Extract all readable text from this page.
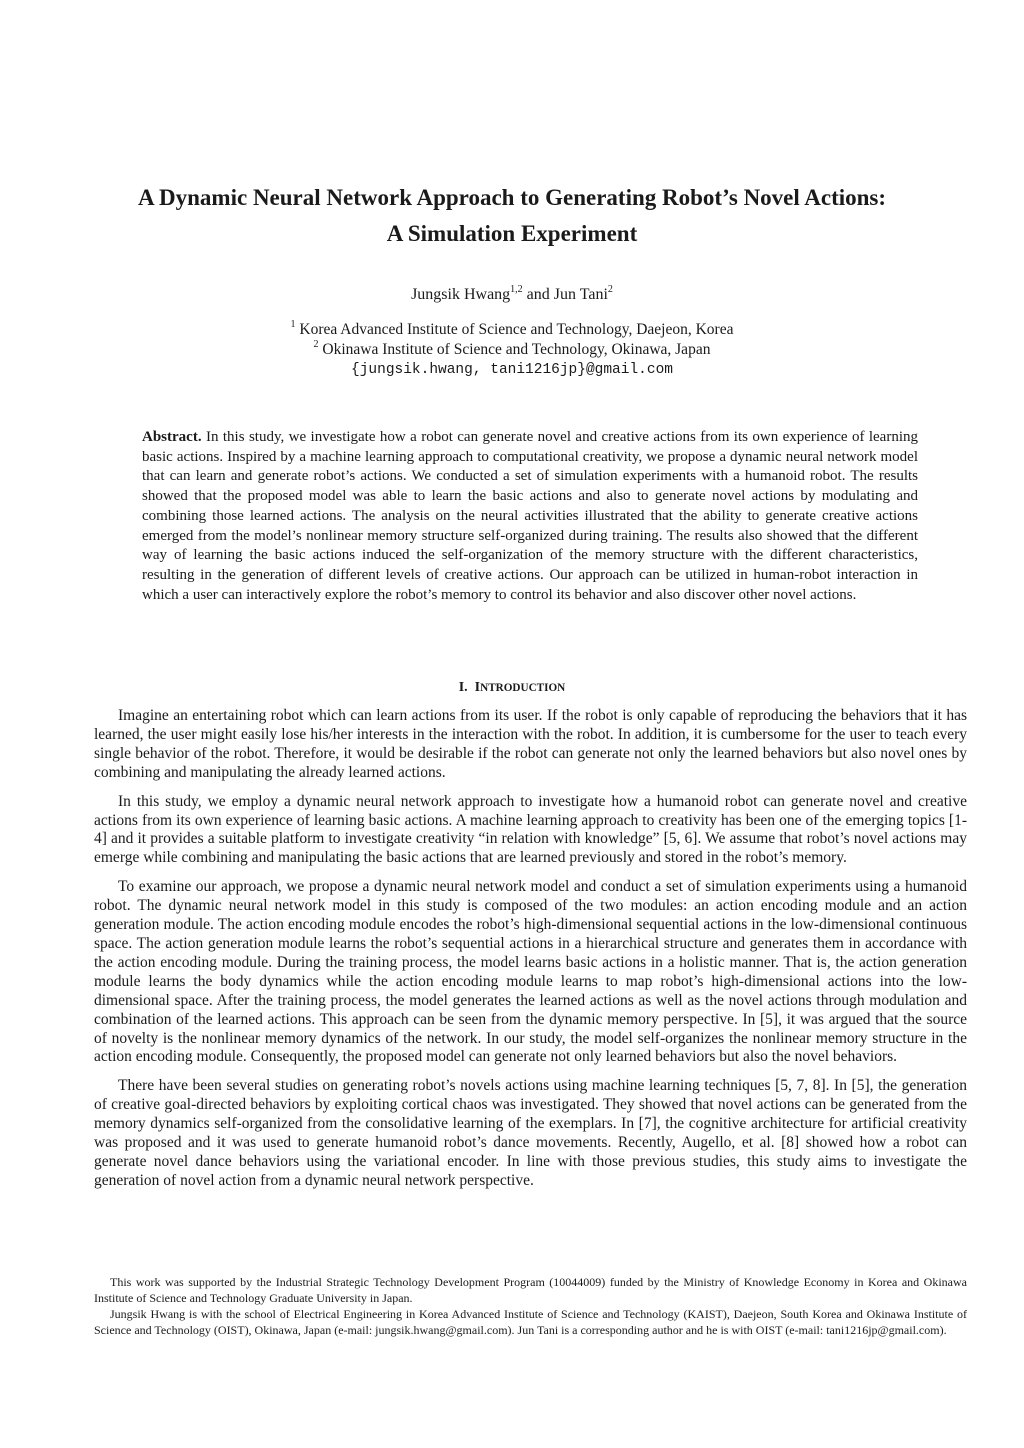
A Dynamic Neural Network Approach to Generating Robot’s Novel Actions:
A Simulation Experiment
Jungsik Hwang$^{1,2}$ and Jun Tani$^2$
$^1$ Korea Advanced Institute of Science and Technology, Daejeon, Korea
$^2$ Okinawa Institute of Science and Technology, Okinawa, Japan
{jungsik.hwang, tani1216jp}@gmail.com
Abstract. In this study, we investigate how a robot can generate novel and creative actions from its own experience of learning basic actions. Inspired by a machine learning approach to computational creativity, we propose a dynamic neural network model that can learn and generate robot’s actions. We conducted a set of simulation experiments with a humanoid robot. The results showed that the proposed model was able to learn the basic actions and also to generate novel actions by modulating and combining those learned actions. The analysis on the neural activities illustrated that the ability to generate creative actions emerged from the model’s nonlinear memory structure self-organized during training. The results also showed that the different way of learning the basic actions induced the self-organization of the memory structure with the different characteristics, resulting in the generation of different levels of creative actions. Our approach can be utilized in human-robot interaction in which a user can interactively explore the robot’s memory to control its behavior and also discover other novel actions.
I. INTRODUCTION

Imagine an entertaining robot which can learn actions from its user. If the robot is only capable of reproducing the behaviors that it has learned, the user might easily lose his/her interests in the interaction with the robot. In addition, it is cumbersome for the user to teach every single behavior of the robot. Therefore, it would be desirable if the robot can generate not only the learned behaviors but also novel ones by combining and manipulating the already learned actions.

In this study, we employ a dynamic neural network approach to investigate how a humanoid robot can generate novel and creative actions from its own experience of learning basic actions. A machine learning approach to creativity has been one of the emerging topics [1-4] and it provides a suitable platform to investigate creativity “in relation with knowledge” [5, 6]. We assume that robot’s novel actions may emerge while combining and manipulating the basic actions that are learned previously and stored in the robot’s memory.

To examine our approach, we propose a dynamic neural network model and conduct a set of simulation experiments using a humanoid robot. The dynamic neural network model in this study is composed of the two modules: an action encoding module and an action generation module. The action encoding module encodes the robot’s high-dimensional sequential actions in the low-dimensional continuous space. The action generation module learns the robot’s sequential actions in a hierarchical structure and generates them in accordance with the action encoding module. During the training process, the model learns basic actions in a holistic manner. That is, the action generation module learns the body dynamics while the action encoding module learns to map robot’s high-dimensional actions into the low-dimensional space. After the training process, the model generates the learned actions as well as the novel actions through modulation and combination of the learned actions. This approach can be seen from the dynamic memory perspective. In [5], it was argued that the source of novelty is the nonlinear memory dynamics of the network. In our study, the model self-organizes the nonlinear memory structure in the action encoding module. Consequently, the proposed model can generate not only learned behaviors but also the novel behaviors.

There have been several studies on generating robot’s novels actions using machine learning techniques [5, 7, 8]. In [5], the generation of creative goal-directed behaviors by exploiting cortical chaos was investigated. They showed that novel actions can be generated from the memory dynamics self-organized from the consolidative learning of the exemplars. In [7], the cognitive architecture for artificial creativity was proposed and it was used to generate humanoid robot’s dance movements. Recently, Augello, et al. [8] showed how a robot can generate novel dance behaviors using the variational encoder. In line with those previous studies, this study aims to investigate the generation of novel action from a dynamic neural network perspective.

This work was supported by the Industrial Strategic Technology Development Program (10044009) funded by the Ministry of Knowledge Economy in Korea and Okinawa Institute of Science and Technology Graduate University in Japan.

Jungsik Hwang is with the school of Electrical Engineering in Korea Advanced Institute of Science and Technology (KAIST), Daejeon, South Korea and Okinawa Institute of Science and Technology (OIST), Okinawa, Japan (e-mail: jungsik.hwang@gmail.com). Jun Tani is a corresponding author and he is with OIST (e-mail: tani1216jp@gmail.com).
